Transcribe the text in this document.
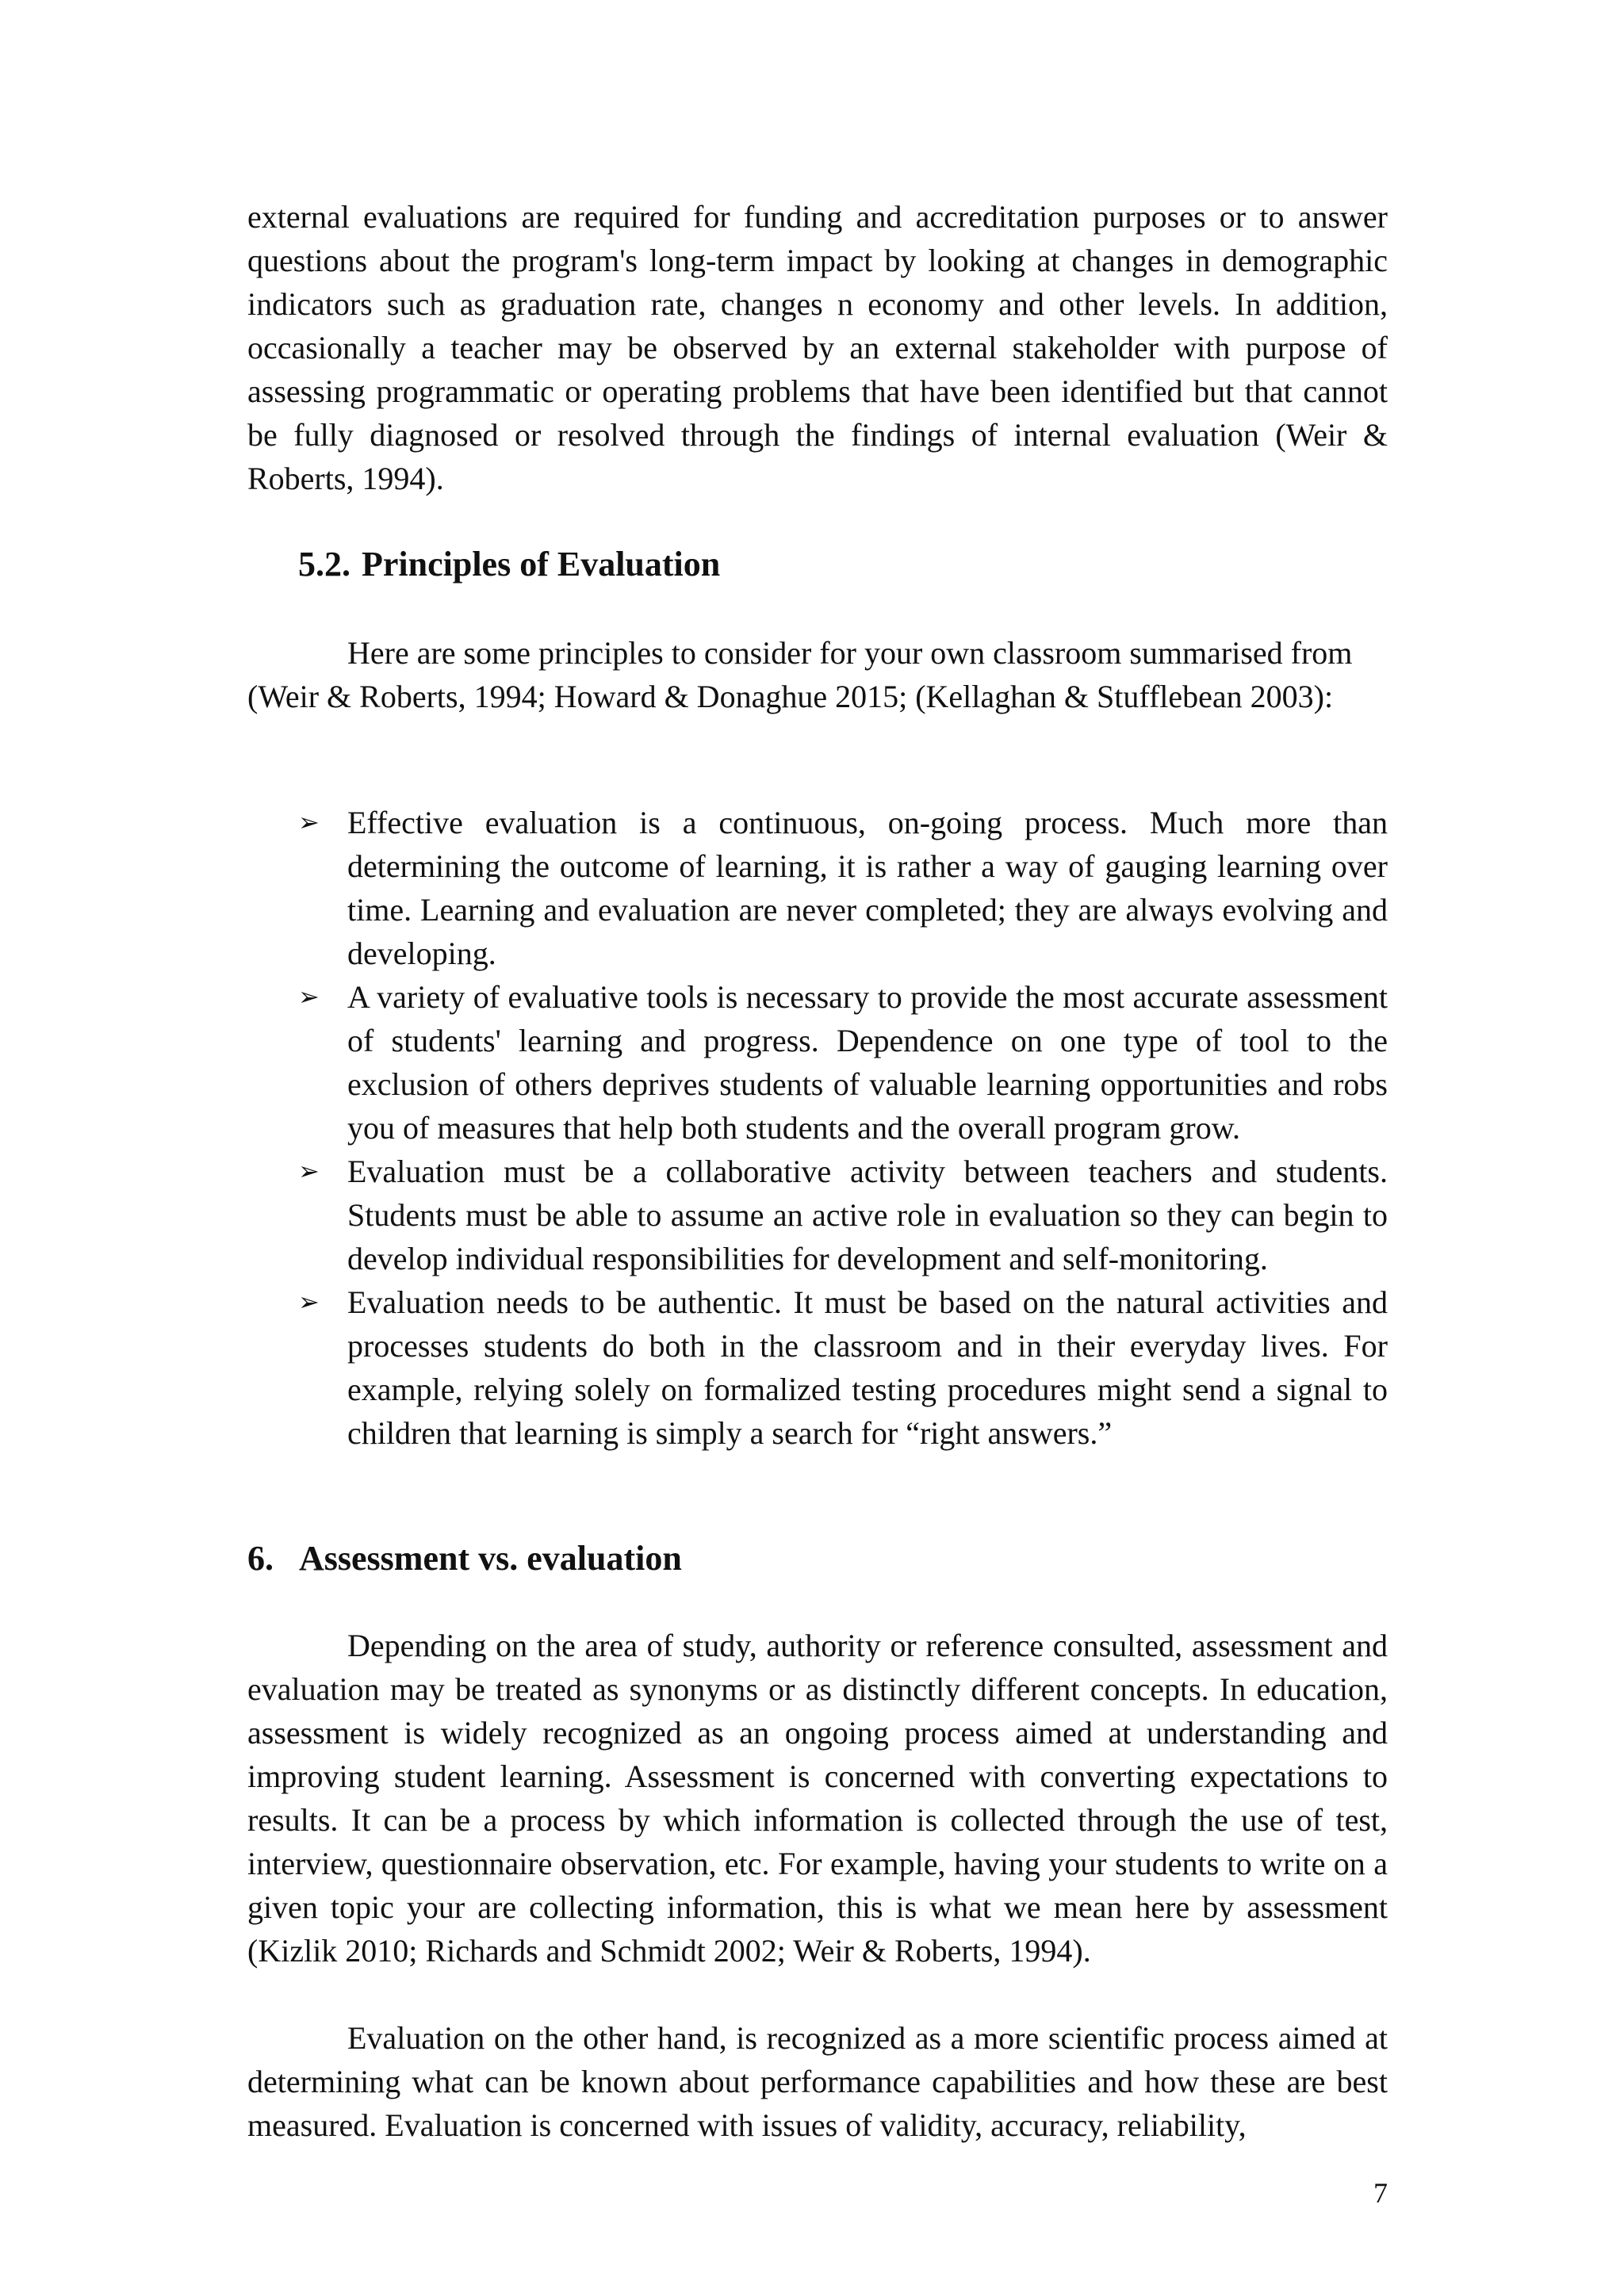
external evaluations are required for funding and accreditation purposes or to answer questions about the program's long-term impact by looking at changes in demographic indicators such as graduation rate, changes n economy and other levels. In addition, occasionally a teacher may be observed by an external stakeholder with purpose of assessing programmatic or operating problems that have been identified but that cannot be fully diagnosed or resolved through the findings of internal evaluation (Weir & Roberts, 1994).

5.2. Principles of Evaluation

Here are some principles to consider for your own classroom summarised from (Weir & Roberts, 1994; Howard & Donaghue 2015; (Kellaghan & Stufflebean 2003):

➢ Effective evaluation is a continuous, on-going process. Much more than determining the outcome of learning, it is rather a way of gauging learning over time. Learning and evaluation are never completed; they are always evolving and developing.
➢ A variety of evaluative tools is necessary to provide the most accurate assessment of students' learning and progress. Dependence on one type of tool to the exclusion of others deprives students of valuable learning opportunities and robs you of measures that help both students and the overall program grow.
➢ Evaluation must be a collaborative activity between teachers and students. Students must be able to assume an active role in evaluation so they can begin to develop individual responsibilities for development and self-monitoring.
➢ Evaluation needs to be authentic. It must be based on the natural activities and processes students do both in the classroom and in their everyday lives. For example, relying solely on formalized testing procedures might send a signal to children that learning is simply a search for “right answers.”
6. Assessment vs. evaluation

Depending on the area of study, authority or reference consulted, assessment and evaluation may be treated as synonyms or as distinctly different concepts. In education, assessment is widely recognized as an ongoing process aimed at understanding and improving student learning. Assessment is concerned with converting expectations to results. It can be a process by which information is collected through the use of test, interview, questionnaire observation, etc. For example, having your students to write on a given topic your are collecting information, this is what we mean here by assessment (Kizlik 2010; Richards and Schmidt 2002; Weir & Roberts, 1994).

Evaluation on the other hand, is recognized as a more scientific process aimed at determining what can be known about performance capabilities and how these are best measured. Evaluation is concerned with issues of validity, accuracy, reliability,

7
